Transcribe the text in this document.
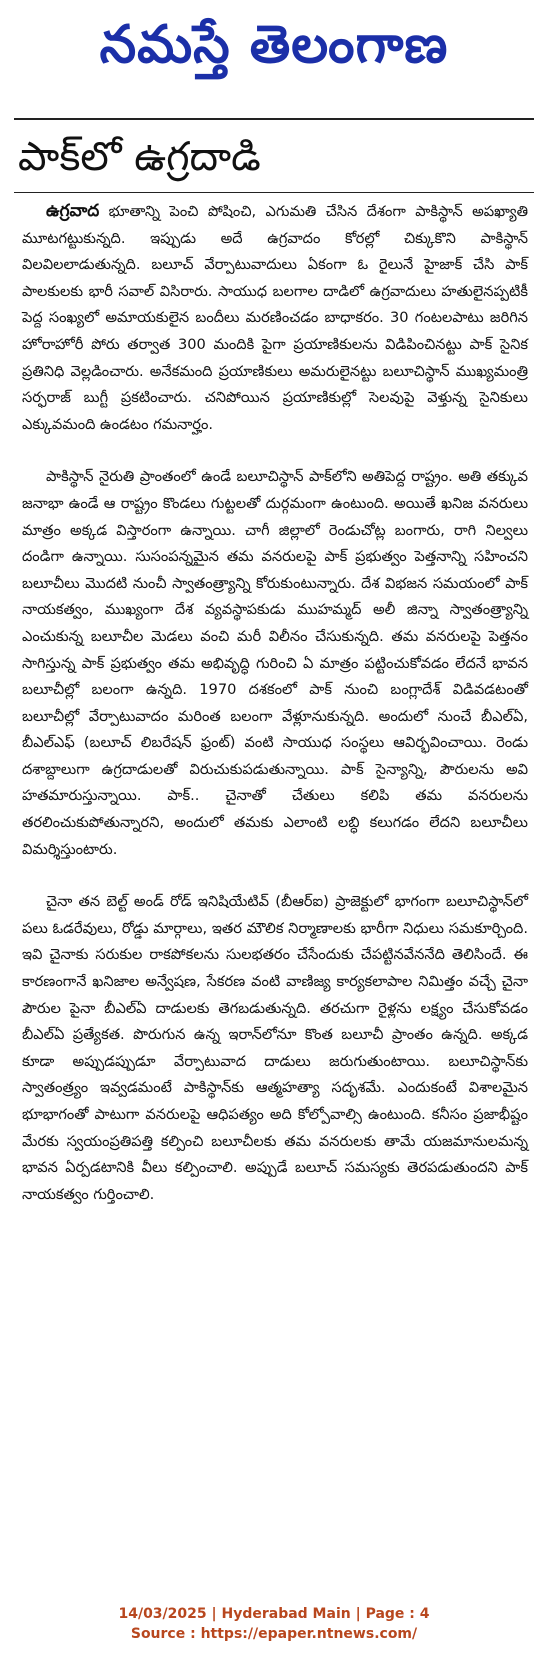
నమస్తే తెలంగాణ
పాక్‌లో ఉగ్రదాడి

ఉగ్రవాద భూతాన్ని పెంచి పోషించి, ఎగుమతి చేసిన దేశంగా పాకిస్థాన్ అపఖ్యాతి మూటగట్టుకున్నది. ఇప్పుడు అదే ఉగ్రవాదం కోరల్లో చిక్కుకొని పాకిస్థాన్ విలవిలలాడుతున్నది. బలూచ్ వేర్పాటువాదులు ఏకంగా ఓ రైలునే హైజాక్ చేసి పాక్ పాలకులకు భారీ సవాల్ విసిరారు. సాయుధ బలగాల దాడిలో ఉగ్రవాదులు హతులైనప్పటికీ పెద్ద సంఖ్యలో అమాయకులైన బందీలు మరణించడం బాధాకరం. 30 గంటలపాటు జరిగిన హోరాహోరీ పోరు తర్వాత 300 మందికి పైగా ప్రయాణికులను విడిపించినట్టు పాక్ సైనిక ప్రతినిధి వెల్లడించారు. అనేకమంది ప్రయాణికులు అమరులైనట్టు బలూచిస్థాన్ ముఖ్యమంత్రి సర్ఫరాజ్ బుగ్టీ ప్రకటించారు. చనిపోయిన ప్రయాణికుల్లో సెలవుపై వెళ్తున్న సైనికులు ఎక్కువమంది ఉండటం గమనార్హం.

పాకిస్థాన్ నైరుతి ప్రాంతంలో ఉండే బలూచిస్థాన్ పాక్‌లోని అతిపెద్ద రాష్ట్రం. అతి తక్కువ జనాభా ఉండే ఆ రాష్ట్రం కొండలు గుట్టలతో దుర్గమంగా ఉంటుంది. అయితే ఖనిజ వనరులు మాత్రం అక్కడ విస్తారంగా ఉన్నాయి. చాగీ జిల్లాలో రెండుచోట్ల బంగారు, రాగి నిల్వలు దండిగా ఉన్నాయి. సుసంపన్నమైన తమ వనరులపై పాక్ ప్రభుత్వం పెత్తనాన్ని సహించని బలూచీలు మొదటి నుంచీ స్వాతంత్ర్యాన్ని కోరుకుంటున్నారు. దేశ విభజన సమయంలో పాక్ నాయకత్వం, ముఖ్యంగా దేశ వ్యవస్థాపకుడు ముహమ్మద్ అలీ జిన్నా స్వాతంత్ర్యాన్ని ఎంచుకున్న బలూచీల మెడలు వంచి మరీ విలీనం చేసుకున్నది. తమ వనరులపై పెత్తనం సాగిస్తున్న పాక్ ప్రభుత్వం తమ అభివృద్ధి గురించి ఏ మాత్రం పట్టించుకోవడం లేదనే భావన బలూచీల్లో బలంగా ఉన్నది. 1970 దశకంలో పాక్ నుంచి బంగ్లాదేశ్ విడివడటంతో బలూచీల్లో వేర్పాటువాదం మరింత బలంగా వేళ్లూనుకున్నది. అందులో నుంచే బీఎల్ఏ, బీఎల్ఎఫ్ (బలూచ్ లిబరేషన్ ఫ్రంట్) వంటి సాయుధ సంస్థలు ఆవిర్భవించాయి. రెండు దశాబ్దాలుగా ఉగ్రదాడులతో విరుచుకుపడుతున్నాయి. పాక్ సైన్యాన్ని, పౌరులను అవి హతమారుస్తున్నాయి. పాక్.. చైనాతో చేతులు కలిపి తమ వనరులను తరలించుకుపోతున్నారని, అందులో తమకు ఎలాంటి లబ్ధి కలుగడం లేదని బలూచీలు విమర్శిస్తుంటారు.

చైనా తన బెల్ట్ అండ్ రోడ్ ఇనిషియేటివ్ (బీఆర్ఐ) ప్రాజెక్టులో భాగంగా బలూచిస్థాన్‌లో పలు ఓడరేవులు, రోడ్డు మార్గాలు, ఇతర మౌలిక నిర్మాణాలకు భారీగా నిధులు సమకూర్చింది. ఇవి చైనాకు సరుకుల రాకపోకలను సులభతరం చేసేందుకు చేపట్టినవేననేది తెలిసిందే. ఈ కారణంగానే ఖనిజాల అన్వేషణ, సేకరణ వంటి వాణిజ్య కార్యకలాపాల నిమిత్తం వచ్చే చైనా పౌరుల పైనా బీఎల్ఏ దాడులకు తెగబడుతున్నది. తరచుగా రైళ్లను లక్ష్యం చేసుకోవడం బీఎల్ఏ ప్రత్యేకత. పొరుగున ఉన్న ఇరాన్‌లోనూ కొంత బలూచీ ప్రాంతం ఉన్నది. అక్కడ కూడా అప్పుడప్పుడూ వేర్పాటువాద దాడులు జరుగుతుంటాయి. బలూచిస్థాన్‌కు స్వాతంత్ర్యం ఇవ్వడమంటే పాకిస్థాన్‌కు ఆత్మహత్యా సదృశమే. ఎందుకంటే విశాలమైన భూభాగంతో పాటుగా వనరులపై ఆధిపత్యం అది కోల్పోవాల్సి ఉంటుంది. కనీసం ప్రజాభీష్టం మేరకు స్వయంప్రతిపత్తి కల్పించి బలూచీలకు తమ వనరులకు తామే యజమానులమన్న భావన ఏర్పడటానికి వీలు కల్పించాలి. అప్పుడే బలూచ్ సమస్యకు తెరపడుతుందని పాక్ నాయకత్వం గుర్తించాలి.

14/03/2025 | Hyderabad Main | Page : 4
Source : https://epaper.ntnews.com/
